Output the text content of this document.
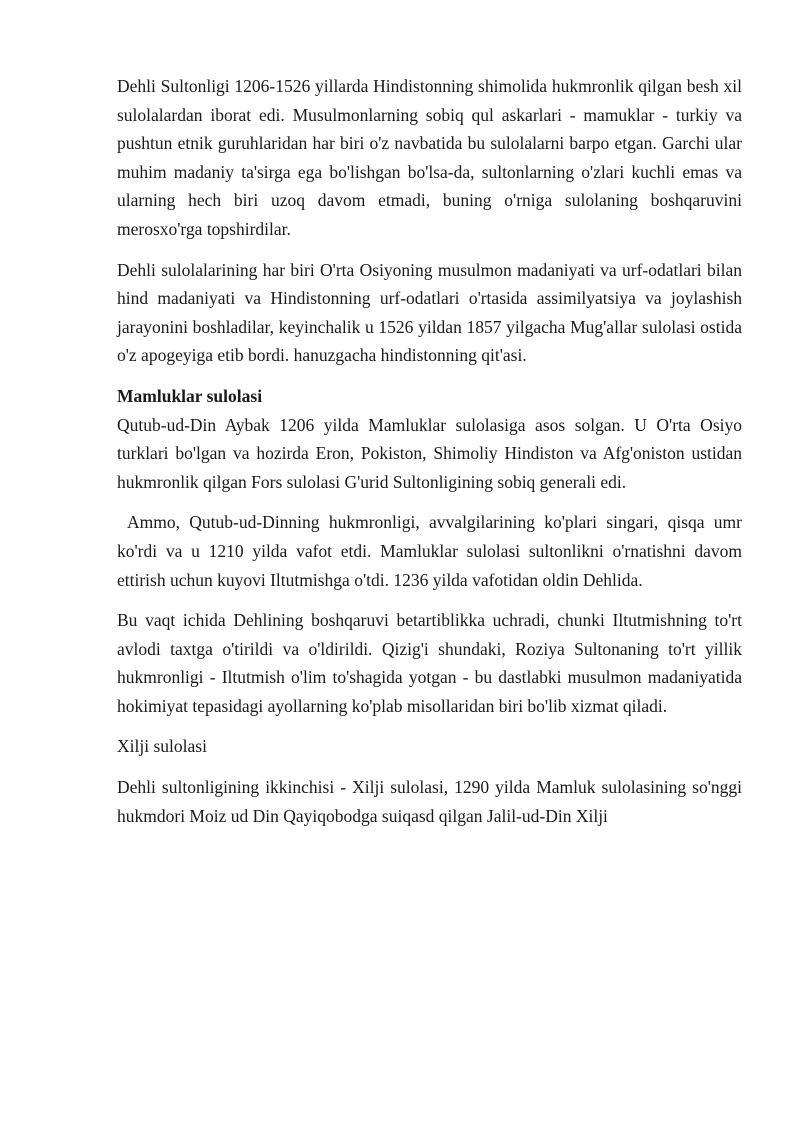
Dehli Sultonligi 1206-1526 yillarda Hindistonning shimolida hukmronlik qilgan besh xil sulolalardan iborat edi. Musulmonlarning sobiq qul askarlari - mamuklar - turkiy va pushtun etnik guruhlaridan har biri o'z navbatida bu sulolalarni barpo etgan. Garchi ular muhim madaniy ta'sirga ega bo'lishgan bo'lsa-da, sultonlarning o'zlari kuchli emas va ularning hech biri uzoq davom etmadi, buning o'rniga sulolaning boshqaruvini merosxo'rga topshirdilar.

Dehli sulolalarining har biri O'rta Osiyoning musulmon madaniyati va urf-odatlari bilan hind madaniyati va Hindistonning urf-odatlari o'rtasida assimilyatsiya va joylashish jarayonini boshladilar, keyinchalik u 1526 yildan 1857 yilgacha Mug'allar sulolasi ostida o'z apogeyiga etib bordi. hanuzgacha hindistonning qit'asi.

Mamluklar sulolasi

Qutub-ud-Din Aybak 1206 yilda Mamluklar sulolasiga asos solgan. U O'rta Osiyo turklari bo'lgan va hozirda Eron, Pokiston, Shimoliy Hindiston va Afg'oniston ustidan hukmronlik qilgan Fors sulolasi G'urid Sultonligining sobiq generali edi.

Ammo, Qutub-ud-Dinning hukmronligi, avvalgilarining ko'plari singari, qisqa umr ko'rdi va u 1210 yilda vafot etdi. Mamluklar sulolasi sultonlikni o'rnatishni davom ettirish uchun kuyovi Iltutmishga o'tdi. 1236 yilda vafotidan oldin Dehlida.

Bu vaqt ichida Dehlining boshqaruvi betartiblikka uchradi, chunki Iltutmishning to'rt avlodi taxtga o'tirildi va o'ldirildi. Qizig'i shundaki, Roziya Sultonaning to'rt yillik hukmronligi - Iltutmish o'lim to'shagida yotgan - bu dastlabki musulmon madaniyatida hokimiyat tepasidagi ayollarning ko'plab misollaridan biri bo'lib xizmat qiladi.

Xilji sulolasi

Dehli sultonligining ikkinchisi - Xilji sulolasi, 1290 yilda Mamluk sulolasining so'nggi hukmdori Moiz ud Din Qayiqobodga suiqasd qilgan Jalil-ud-Din Xilji
